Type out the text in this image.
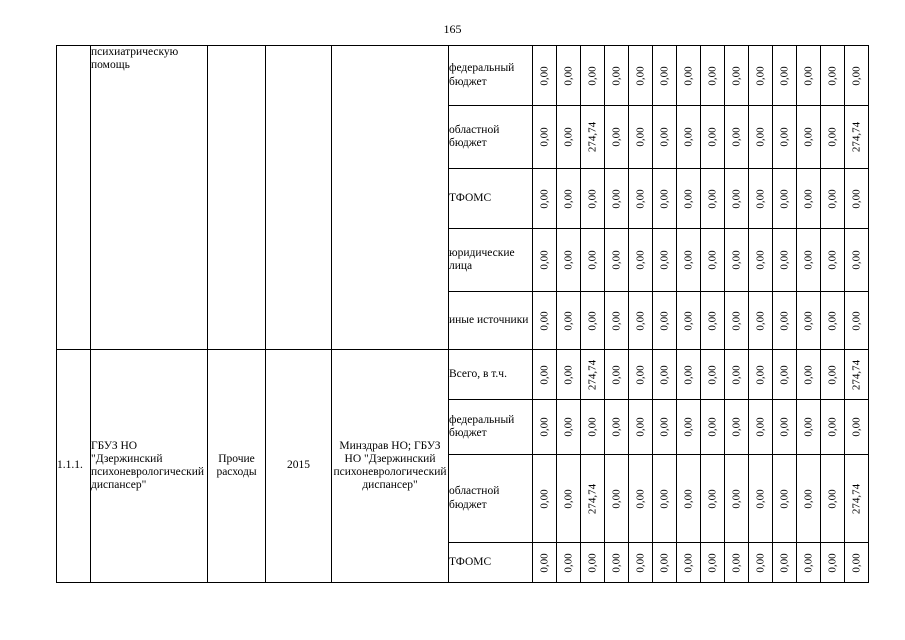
165
	психиатрическую помощь				федеральный бюджет	0,00	0,00	0,00	0,00	0,00	0,00	0,00	0,00	0,00	0,00	0,00	0,00	0,00	0,00

					областной бюджет	0,00	0,00	274,74	0,00	0,00	0,00	0,00	0,00	0,00	0,00	0,00	0,00	0,00	274,74

					ТФОМС	0,00	0,00	0,00	0,00	0,00	0,00	0,00	0,00	0,00	0,00	0,00	0,00	0,00	0,00

					юридические лица	0,00	0,00	0,00	0,00	0,00	0,00	0,00	0,00	0,00	0,00	0,00	0,00	0,00	0,00

					иные источники	0,00	0,00	0,00	0,00	0,00	0,00	0,00	0,00	0,00	0,00	0,00	0,00	0,00	0,00

1.1.1.	ГБУЗ НО "Дзержинский психоневрологический диспансер"	Прочие расходы	2015	Минздрав НО; ГБУЗ НО "Дзержинский психоневрологический диспансер"	Всего, в т.ч.	0,00	0,00	274,74	0,00	0,00	0,00	0,00	0,00	0,00	0,00	0,00	0,00	0,00	274,74

					федеральный бюджет	0,00	0,00	0,00	0,00	0,00	0,00	0,00	0,00	0,00	0,00	0,00	0,00	0,00	0,00

					областной бюджет	0,00	0,00	274,74	0,00	0,00	0,00	0,00	0,00	0,00	0,00	0,00	0,00	0,00	274,74

					ТФОМС	0,00	0,00	0,00	0,00	0,00	0,00	0,00	0,00	0,00	0,00	0,00	0,00	0,00	0,00
